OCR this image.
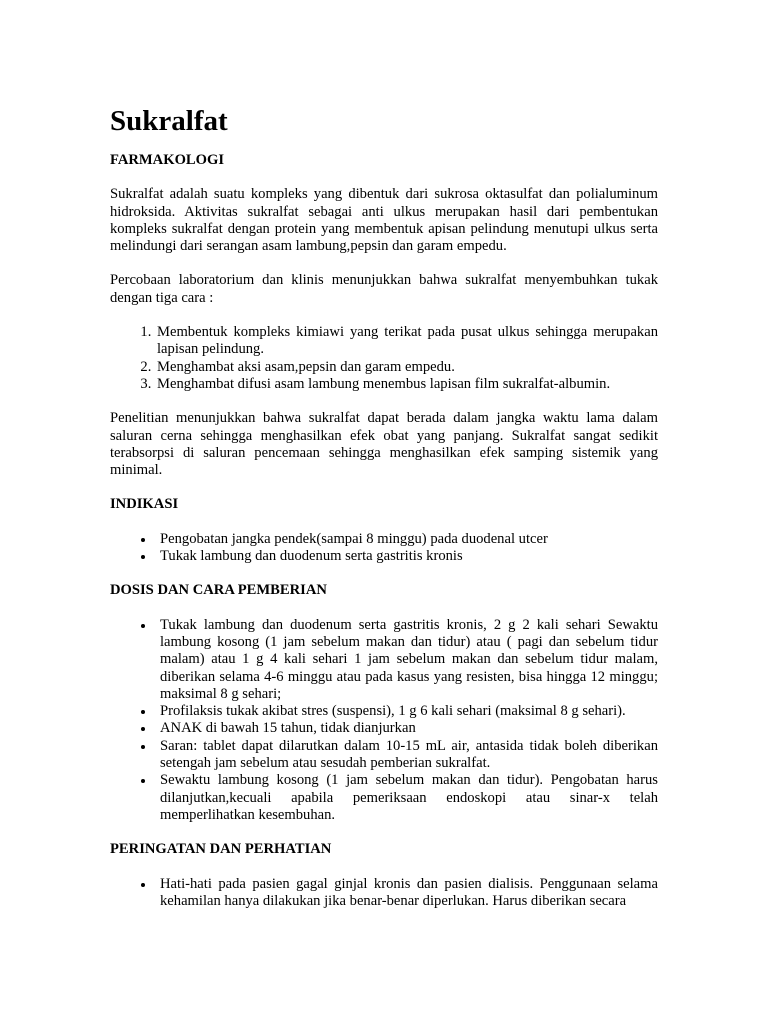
Sukralfat
FARMAKOLOGI

Sukralfat adalah suatu kompleks yang dibentuk dari sukrosa oktasulfat dan polialuminum hidroksida. Aktivitas sukralfat sebagai anti ulkus merupakan hasil dari pembentukan kompleks sukralfat dengan protein yang membentuk apisan pelindung menutupi ulkus serta melindungi dari serangan asam lambung,pepsin dan garam empedu.

Percobaan laboratorium dan klinis menunjukkan bahwa sukralfat menyembuhkan tukak dengan tiga cara :

1. Membentuk kompleks kimiawi yang terikat pada pusat ulkus sehingga merupakan lapisan pelindung.
2. Menghambat aksi asam,pepsin dan garam empedu.
3. Menghambat difusi asam lambung menembus lapisan film sukralfat-albumin.

Penelitian menunjukkan bahwa sukralfat dapat berada dalam jangka waktu lama dalam saluran cerna sehingga menghasilkan efek obat yang panjang. Sukralfat sangat sedikit terabsorpsi di saluran pencemaan sehingga menghasilkan efek samping sistemik yang minimal.

INDIKASI
• Pengobatan jangka pendek(sampai 8 minggu) pada duodenal utcer
• Tukak lambung dan duodenum serta gastritis kronis
DOSIS DAN CARA PEMBERIAN
• Tukak lambung dan duodenum serta gastritis kronis, 2 g 2 kali sehari Sewaktu lambung kosong (1 jam sebelum makan dan tidur) atau ( pagi dan sebelum tidur malam) atau 1 g 4 kali sehari 1 jam sebelum makan dan sebelum tidur malam, diberikan selama 4-6 minggu atau pada kasus yang resisten, bisa hingga 12 minggu; maksimal 8 g sehari;
• Profilaksis tukak akibat stres (suspensi), 1 g 6 kali sehari (maksimal 8 g sehari).
• ANAK di bawah 15 tahun, tidak dianjurkan
• Saran: tablet dapat dilarutkan dalam 10-15 mL air, antasida tidak boleh diberikan setengah jam sebelum atau sesudah pemberian sukralfat.
• Sewaktu lambung kosong (1 jam sebelum makan dan tidur). Pengobatan harus dilanjutkan,kecuali apabila pemeriksaan endoskopi atau sinar-x telah memperlihatkan kesembuhan.
PERINGATAN DAN PERHATIAN
• Hati-hati pada pasien gagal ginjal kronis dan pasien dialisis. Penggunaan selama kehamilan hanya dilakukan jika benar-benar diperlukan. Harus diberikan secara
